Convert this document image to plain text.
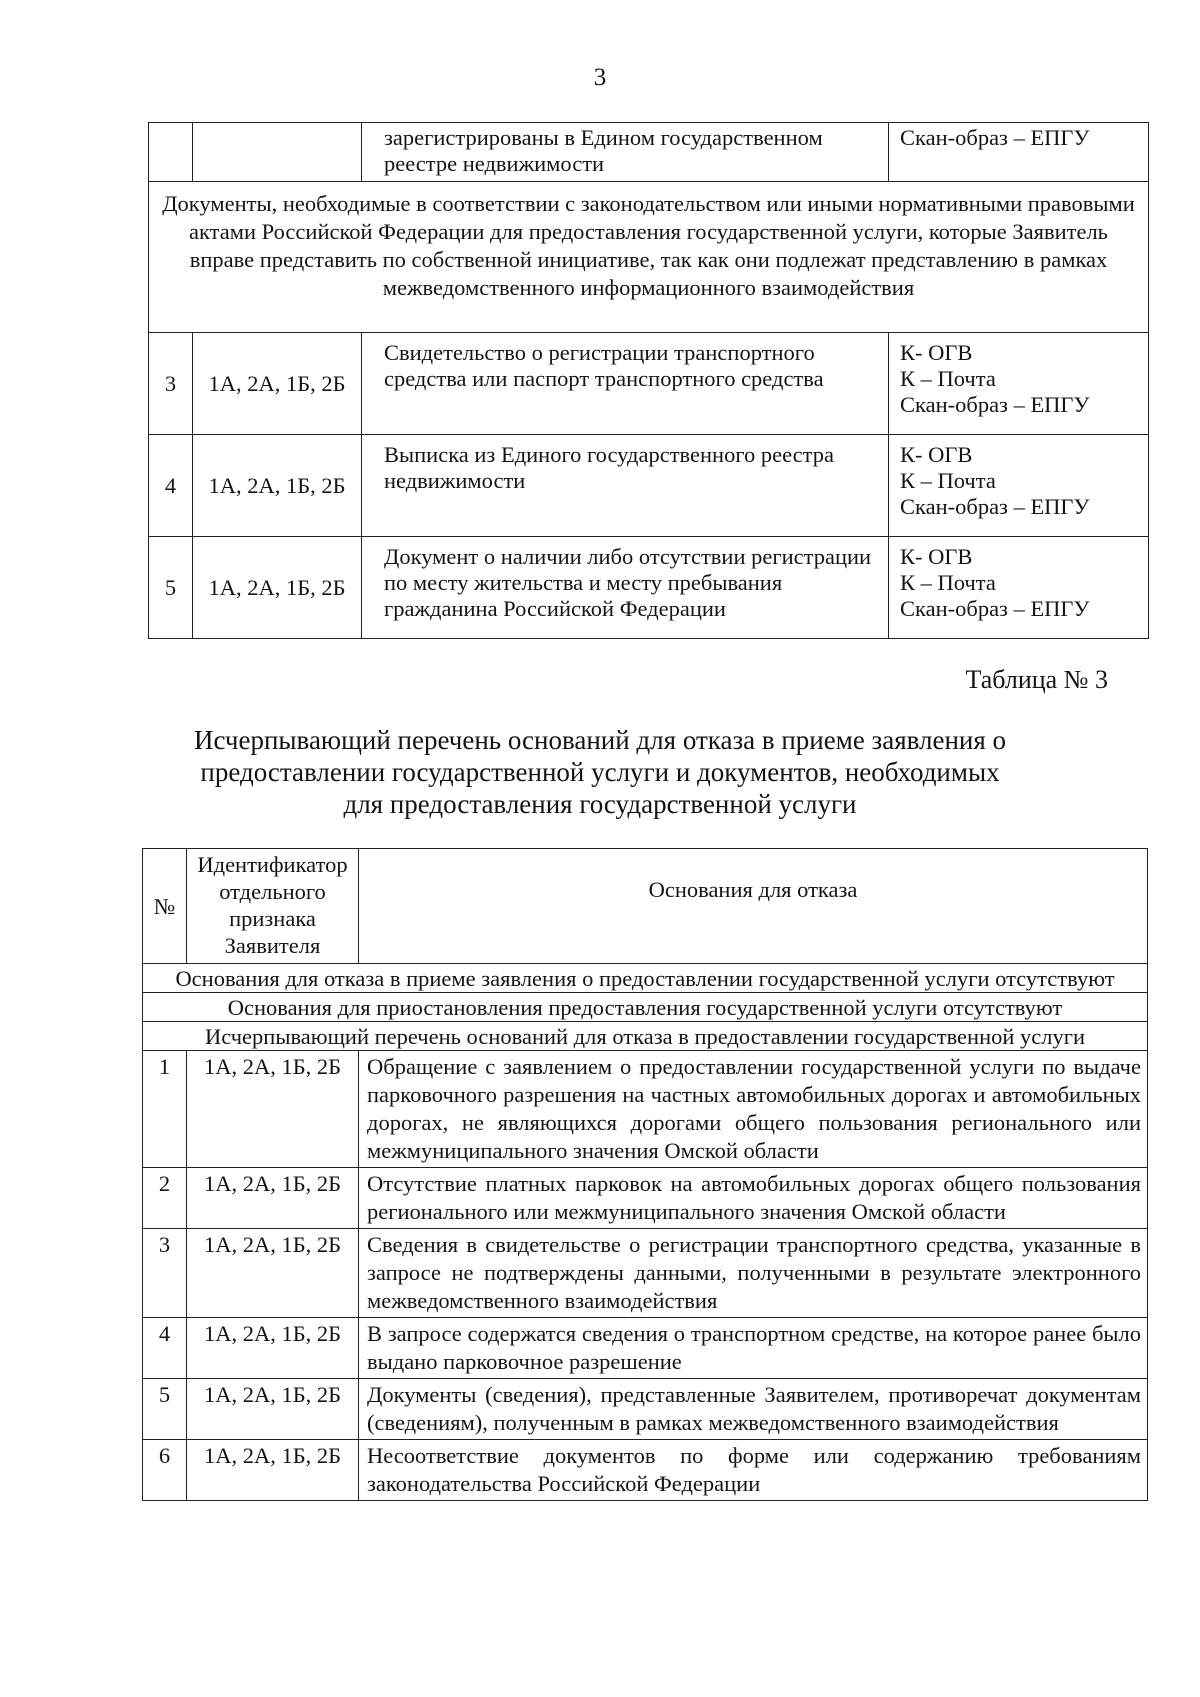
3
		зарегистрированы в Едином государственном реестре недвижимости	Скан-образ – ЕПГУ
Документы, необходимые в соответствии с законодательством или иными нормативными правовыми актами Российской Федерации для предоставления государственной услуги, которые Заявитель вправе представить по собственной инициативе, так как они подлежат представлению в рамках межведомственного информационного взаимодействия			
3	1А, 2А, 1Б, 2Б	Свидетельство о регистрации транспортного средства или паспорт транспортного средства	К- ОГВ
К – Почта
Скан-образ – ЕПГУ

4	1А, 2А, 1Б, 2Б	Выписка из Единого государственного реестра недвижимости	К- ОГВ
К – Почта
Скан-образ – ЕПГУ

5	1А, 2А, 1Б, 2Б	Документ о наличии либо отсутствии регистрации по месту жительства и месту пребывания гражданина Российской Федерации	К- ОГВ
К – Почта
Скан-образ – ЕПГУ
Таблица № 3
Исчерпывающий перечень оснований для отказа в приеме заявления о
предоставлении государственной услуги и документов, необходимых
для предоставления государственной услуги
№	Идентификатор отдельного признака Заявителя	Основания для отказа
Основания для отказа в приеме заявления о предоставлении государственной услуги отсутствуют		
Основания для приостановления предоставления государственной услуги отсутствуют		
Исчерпывающий перечень оснований для отказа в предоставлении государственной услуги		
1	1А, 2А, 1Б, 2Б	Обращение с заявлением о предоставлении государственной услуги по выдаче парковочного разрешения на частных автомобильных дорогах и автомобильных дорогах, не являющихся дорогами общего пользования регионального или межмуниципального значения Омской области
2	1А, 2А, 1Б, 2Б	Отсутствие платных парковок на автомобильных дорогах общего пользования регионального или межмуниципального значения Омской области
3	1А, 2А, 1Б, 2Б	Сведения в свидетельстве о регистрации транспортного средства, указанные в запросе не подтверждены данными, полученными в результате электронного межведомственного взаимодействия
4	1А, 2А, 1Б, 2Б	В запросе содержатся сведения о транспортном средстве, на которое ранее было выдано парковочное разрешение
5	1А, 2А, 1Б, 2Б	Документы (сведения), представленные Заявителем, противоречат документам (сведениям), полученным в рамках межведомственного взаимодействия
6	1А, 2А, 1Б, 2Б	Несоответствие документов по форме или содержанию требованиям законодательства Российской Федерации
